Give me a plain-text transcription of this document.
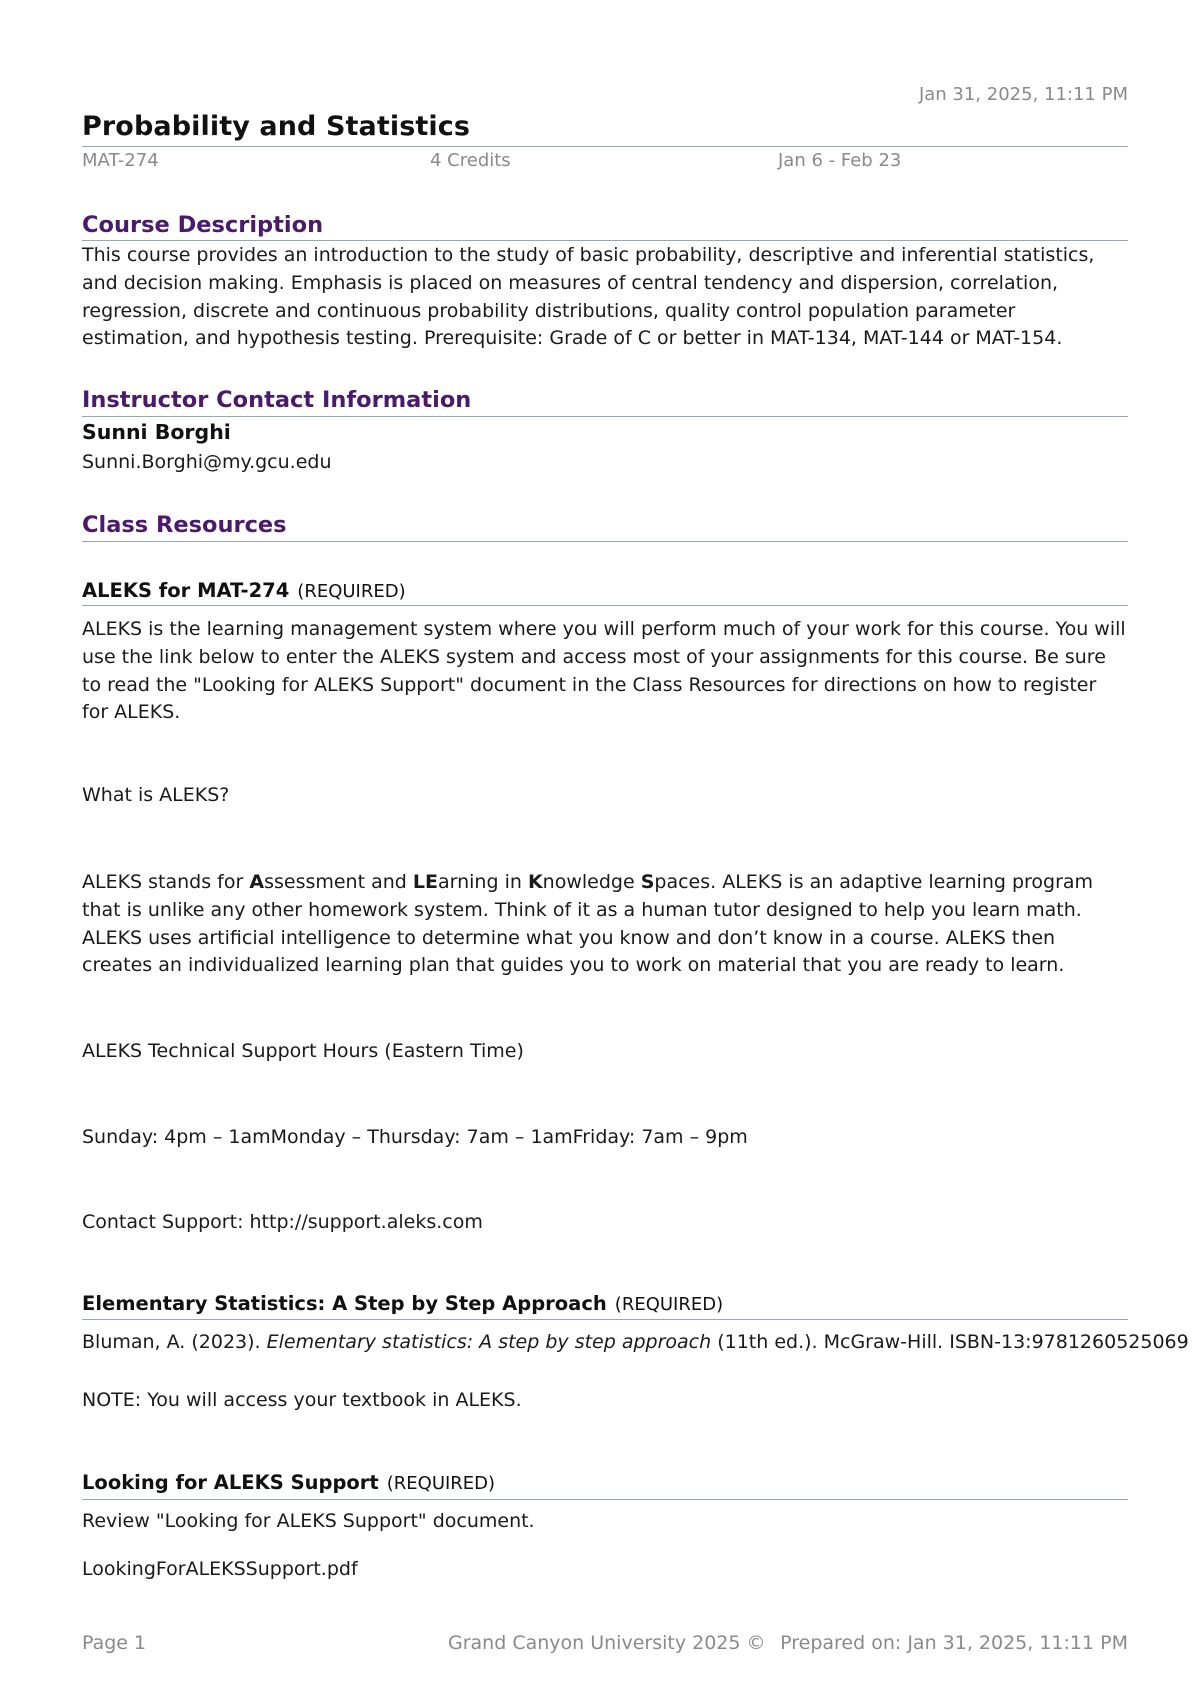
Jan 31, 2025, 11:11 PM
Probability and Statistics
MAT-274	4 Credits	Jan 6 - Feb 23
Course Description
This course provides an introduction to the study of basic probability, descriptive and inferential statistics, and decision making. Emphasis is placed on measures of central tendency and dispersion, correlation, regression, discrete and continuous probability distributions, quality control population parameter estimation, and hypothesis testing. Prerequisite: Grade of C or better in MAT-134, MAT-144 or MAT-154.
Instructor Contact Information
Sunni Borghi
Sunni.Borghi@my.gcu.edu
Class Resources
ALEKS for MAT-274 (REQUIRED)
ALEKS is the learning management system where you will perform much of your work for this course. You will use the link below to enter the ALEKS system and access most of your assignments for this course. Be sure to read the "Looking for ALEKS Support" document in the Class Resources for directions on how to register for ALEKS.
What is ALEKS?
ALEKS stands for Assessment and LEarning in Knowledge Spaces. ALEKS is an adaptive learning program that is unlike any other homework system. Think of it as a human tutor designed to help you learn math. ALEKS uses artificial intelligence to determine what you know and don’t know in a course. ALEKS then creates an individualized learning plan that guides you to work on material that you are ready to learn.
ALEKS Technical Support Hours (Eastern Time)
Sunday: 4pm – 1amMonday – Thursday: 7am – 1amFriday: 7am – 9pm
Contact Support: http://support.aleks.com
Elementary Statistics: A Step by Step Approach (REQUIRED)
Bluman, A. (2023). Elementary statistics: A step by step approach (11th ed.). McGraw-Hill. ISBN-13:9781260525069
NOTE: You will access your textbook in ALEKS.
Looking for ALEKS Support (REQUIRED)
Review "Looking for ALEKS Support" document.
LookingForALEKSSupport.pdf
Page 1	Grand Canyon University 2025 © Prepared on: Jan 31, 2025, 11:11 PM
